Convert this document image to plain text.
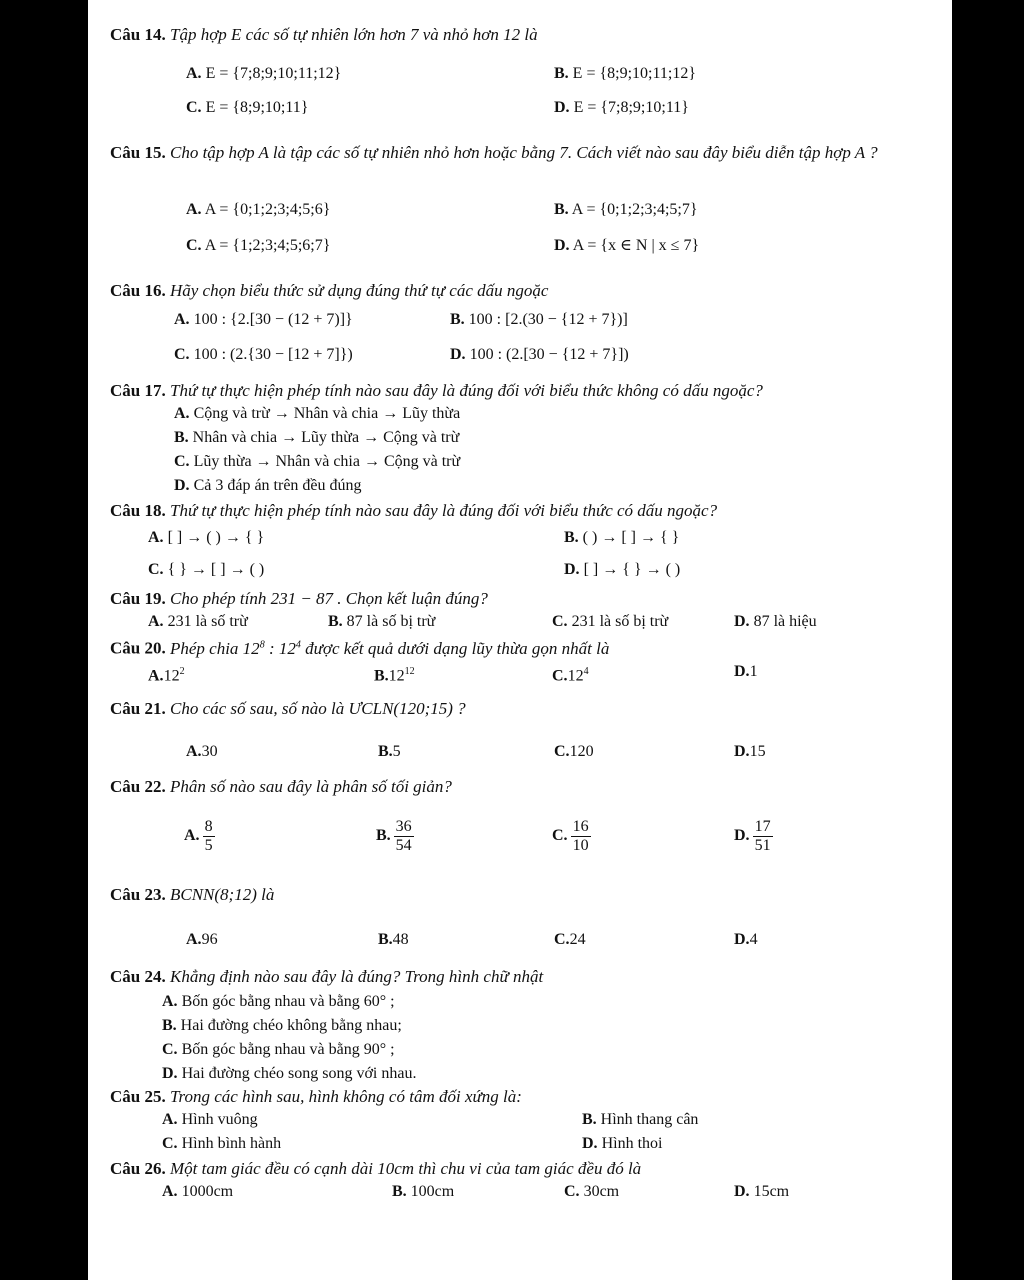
Câu 14. Tập hợp E các số tự nhiên lớn hơn 7 và nhỏ hơn 12 là
A. E = {7;8;9;10;11;12}	B. E = {8;9;10;11;12}
C. E = {8;9;10;11}	D. E = {7;8;9;10;11}
Câu 15. Cho tập hợp A là tập các số tự nhiên nhỏ hơn hoặc bằng 7. Cách viết nào sau đây biểu diễn tập hợp A ?
A. A = {0;1;2;3;4;5;6}	B. A = {0;1;2;3;4;5;7}
C. A = {1;2;3;4;5;6;7}	D. A = {x ∈ N | x ≤ 7}
Câu 16. Hãy chọn biểu thức sử dụng đúng thứ tự các dấu ngoặc
A. 100 : {2.[30 − (12 + 7)]}	B. 100 : [2.(30 − {12 + 7})]
C. 100 : (2.{30 − [12 + 7]})	D. 100 : (2.[30 − {12 + 7}])
Câu 17. Thứ tự thực hiện phép tính nào sau đây là đúng đối với biểu thức không có dấu ngoặc?
A. Cộng và trừ → Nhân và chia → Lũy thừa
B. Nhân và chia → Lũy thừa → Cộng và trừ
C. Lũy thừa → Nhân và chia → Cộng và trừ
D. Cả 3 đáp án trên đều đúng
Câu 18. Thứ tự thực hiện phép tính nào sau đây là đúng đối với biểu thức có dấu ngoặc?
A. [ ] → ( ) → { }	B. ( ) → [ ] → { }
C. { } → [ ] → ( )	D. [ ] → { } → ( )
Câu 19. Cho phép tính 231 − 87 . Chọn kết luận đúng?
A. 231 là số trừ	B. 87 là số bị trừ	C. 231 là số bị trừ	D. 87 là hiệu
Câu 20. Phép chia $12^8$ : $12^4$ được kết quả dưới dạng lũy thừa gọn nhất là
$A.12^2$	$B.12^{12}$	$C.12^4$	D.1
Câu 21. Cho các số sau, số nào là ƯCLN(120;15) ?
A.30	B.5	C.120	D.15
Câu 22. Phân số nào sau đây là phân số tối giản?
A. $\frac{8}{5}$	B. $\frac{36}{54}$	C. $\frac{16}{10}$	D. $\frac{17}{51}$
Câu 23. BCNN(8;12) là
A.96	B.48	C.24	D.4
Câu 24. Khẳng định nào sau đây là đúng? Trong hình chữ nhật
A. Bốn góc bằng nhau và bằng 60° ;
B. Hai đường chéo không bằng nhau;
C. Bốn góc bằng nhau và bằng 90° ;
D. Hai đường chéo song song với nhau.
Câu 25. Trong các hình sau, hình không có tâm đối xứng là:
A. Hình vuông	B. Hình thang cân
C. Hình bình hành	D. Hình thoi
Câu 26. Một tam giác đều có cạnh dài 10cm thì chu vi của tam giác đều đó là
A. 1000cm	B. 100cm	C. 30cm	D. 15cm
